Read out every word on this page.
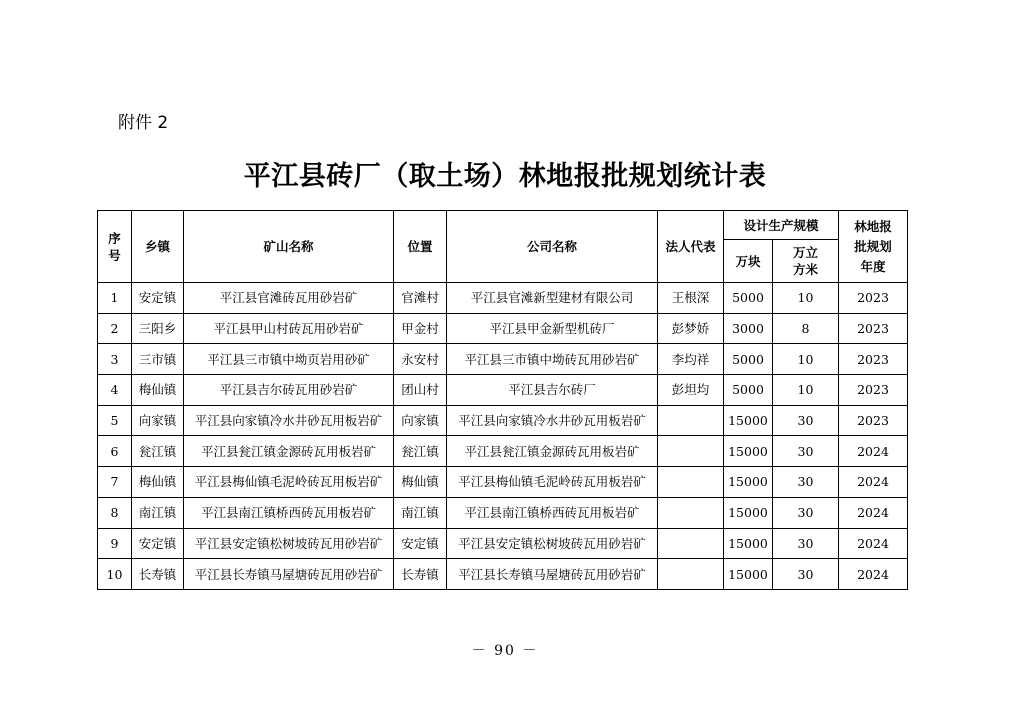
附件 2
平江县砖厂（取土场）林地报批规划统计表
序号	乡镇	矿山名称	位置	公司名称	法人代表	设计生产规模		林地报批规划年度

						万块	万立方米	

1	安定镇	平江县官滩砖瓦用砂岩矿	官滩村	平江县官滩新型建材有限公司	王根深	5000	10	2023
2	三阳乡	平江县甲山村砖瓦用砂岩矿	甲金村	平江县甲金新型机砖厂	彭梦娇	3000	8	2023
3	三市镇	平江县三市镇中坳页岩用砂矿	永安村	平江县三市镇中坳砖瓦用砂岩矿	李均祥	5000	10	2023
4	梅仙镇	平江县吉尔砖瓦用砂岩矿	团山村	平江县吉尔砖厂	彭坦均	5000	10	2023
5	向家镇	平江县向家镇冷水井砂瓦用板岩矿	向家镇	平江县向家镇冷水井砂瓦用板岩矿		15000	30	2023
6	瓮江镇	平江县瓮江镇金源砖瓦用板岩矿	瓮江镇	平江县瓮江镇金源砖瓦用板岩矿		15000	30	2024
7	梅仙镇	平江县梅仙镇毛泥岭砖瓦用板岩矿	梅仙镇	平江县梅仙镇毛泥岭砖瓦用板岩矿		15000	30	2024
8	南江镇	平江县南江镇桥西砖瓦用板岩矿	南江镇	平江县南江镇桥西砖瓦用板岩矿		15000	30	2024
9	安定镇	平江县安定镇松树坡砖瓦用砂岩矿	安定镇	平江县安定镇松树坡砖瓦用砂岩矿		15000	30	2024
10	长寿镇	平江县长寿镇马屋塘砖瓦用砂岩矿	长寿镇	平江县长寿镇马屋塘砖瓦用砂岩矿		15000	30	2024
－ 90 －
